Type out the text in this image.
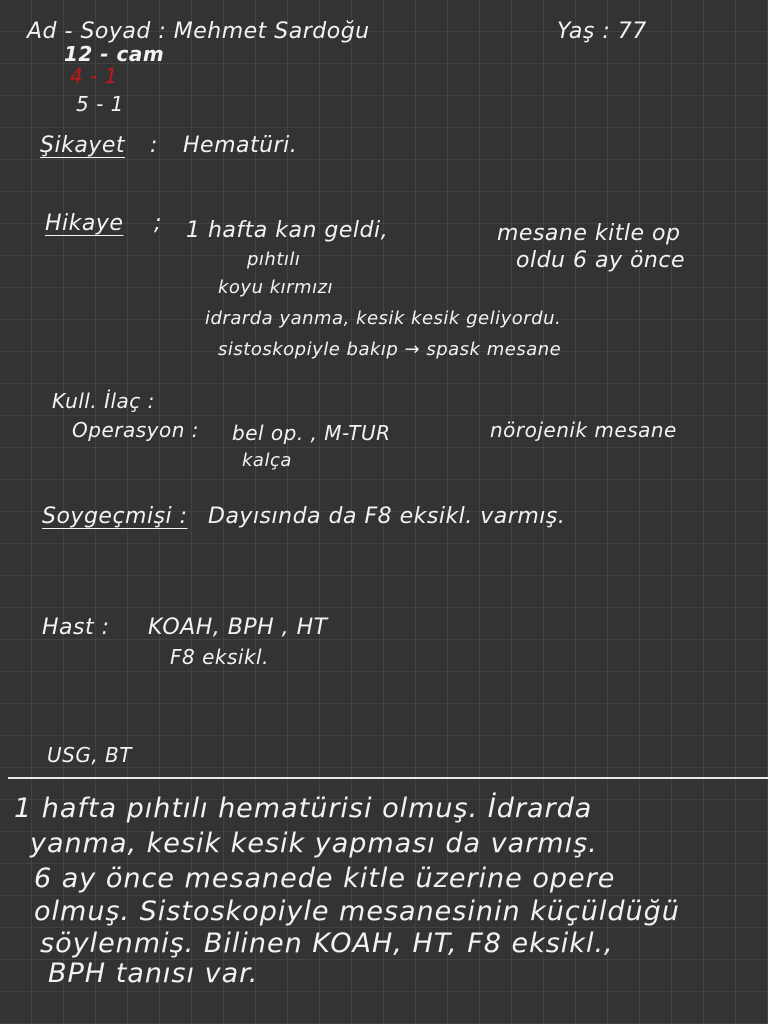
Ad - Soyad : Mehmet Sardoğu	Yaş : 77
12 - cam
4 - 1
5 - 1
Şikayet : Hematüri.
Hikaye ; 1 hafta kan geldi,
pıhtılı
koyu kırmızı
mesane kitle op
oldu 6 ay önce
idrarda yanma, kesik kesik geliyordu.
sistoskopiyle bakıp → spask mesane
Kull. İlaç :
Operasyon : bel op. , M-TUR	nörojenik mesane
kalça
Soygeçmişi : Dayısında da F8 eksikl. varmış.
Hast : KOAH, BPH , HT
F8 eksikl.
USG, BT
1 hafta pıhtılı hematürisi olmuş. İdrarda
yanma, kesik kesik yapması da varmış.
6 ay önce mesanede kitle üzerine opere
olmuş. Sistoskopiyle mesanesinin küçüldüğü
söylenmiş. Bilinen KOAH, HT, F8 eksikl.,
BPH tanısı var.
